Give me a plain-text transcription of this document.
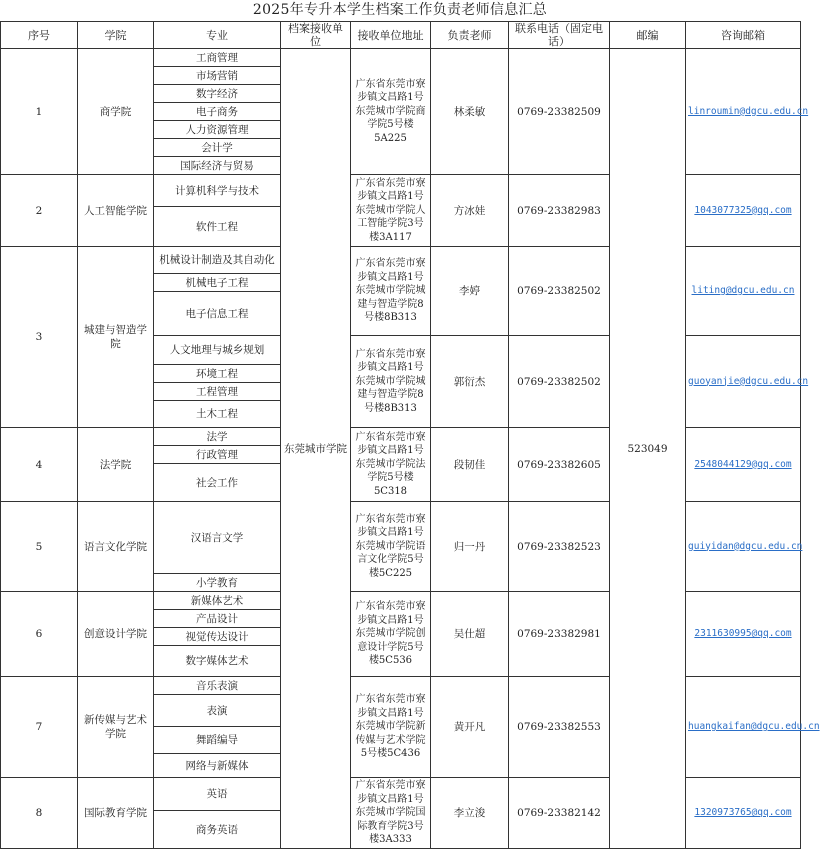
2025年专升本学生档案工作负责老师信息汇总
序号	学院	专业	档案接收单位	接收单位地址	负责老师	联系电话（固定电话）	邮编	咨询邮箱
1	商学院	工商管理	东莞城市学院	广东省东莞市寮步镇文昌路1号东莞城市学院商学院5号楼5A225	林柔敏	0769-23382509	523049	linroumin@dgcu.edu.cn
		市场营销						
		数字经济						
		电子商务						
		人力资源管理						
		会计学						
		国际经济与贸易						
2	人工智能学院	计算机科学与技术		广东省东莞市寮步镇文昌路1号东莞城市学院人工智能学院3号楼3A117	方冰娃	0769-23382983		1043077325@qq.com
		软件工程						
3	城建与智造学院	机械设计制造及其自动化		广东省东莞市寮步镇文昌路1号东莞城市学院城建与智造学院8号楼8B313	李婷	0769-23382502		liting@dgcu.edu.cn
		机械电子工程						
		电子信息工程						
		人文地理与城乡规划		广东省东莞市寮步镇文昌路1号东莞城市学院城建与智造学院8号楼8B313	郭衍杰	0769-23382502		guoyanjie@dgcu.edu.cn
		环境工程						
		工程管理						
		土木工程						
4	法学院	法学		广东省东莞市寮步镇文昌路1号东莞城市学院法学院5号楼5C318	段韧佳	0769-23382605		2548044129@qq.com
		行政管理						
		社会工作						
5	语言文化学院	汉语言文学		广东省东莞市寮步镇文昌路1号东莞城市学院语言文化学院5号楼5C225	归一丹	0769-23382523		guiyidan@dgcu.edu.cn
		小学教育						
6	创意设计学院	新媒体艺术		广东省东莞市寮步镇文昌路1号东莞城市学院创意设计学院5号楼5C536	吴仕超	0769-23382981		2311630995@qq.com
		产品设计						
		视觉传达设计						
		数字媒体艺术						
7	新传媒与艺术学院	音乐表演		广东省东莞市寮步镇文昌路1号东莞城市学院新传媒与艺术学院5号楼5C436	黄开凡	0769-23382553		huangkaifan@dgcu.edu.cn
		表演						
		舞蹈编导						
		网络与新媒体						
8	国际教育学院	英语		广东省东莞市寮步镇文昌路1号东莞城市学院国际教育学院3号楼3A333	李立浚	0769-23382142		1320973765@qq.com
		商务英语						
